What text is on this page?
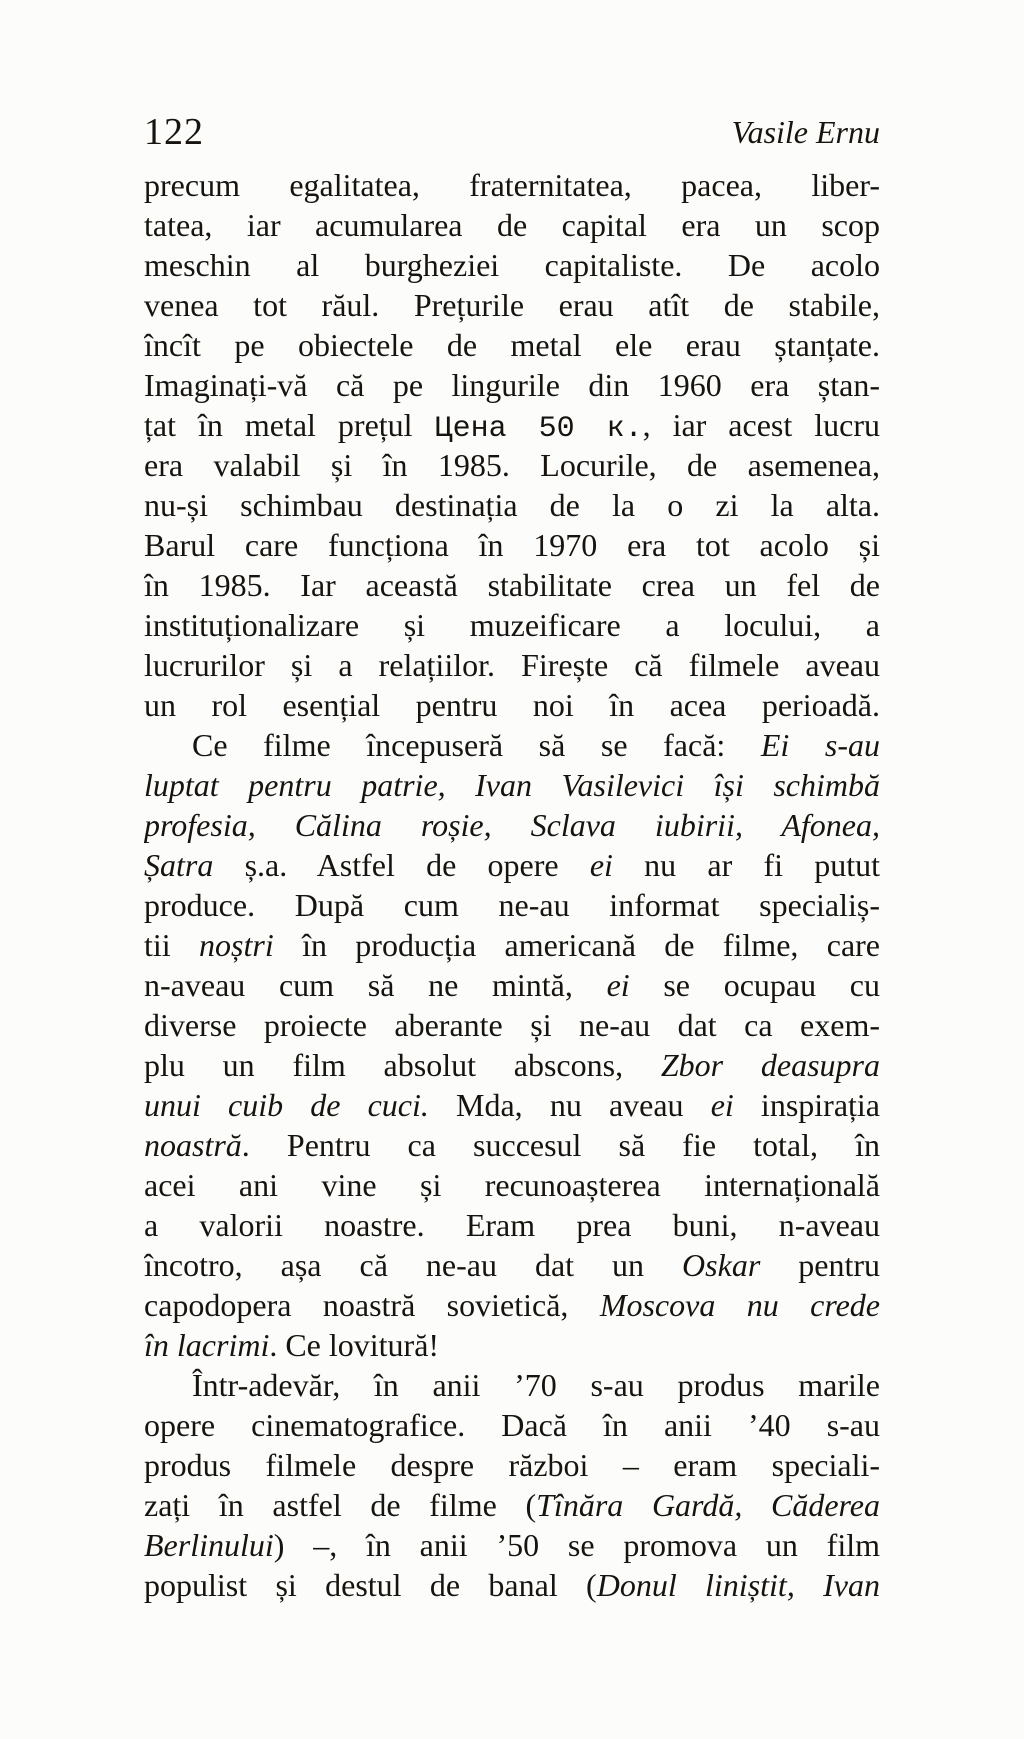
122	Vasile Ernu
precum egalitatea, fraternitatea, pacea, liber-
tatea, iar acumularea de capital era un scop
meschin al burgheziei capitaliste. De acolo
venea tot răul. Prețurile erau atît de stabile,
încît pe obiectele de metal ele erau ștanțate.
Imaginați-vă că pe lingurile din 1960 era ștan-
țat în metal prețul Цена 50 к., iar acest lucru
era valabil și în 1985. Locurile, de asemenea,
nu-și schimbau destinația de la o zi la alta.
Barul care funcționa în 1970 era tot acolo și
în 1985. Iar această stabilitate crea un fel de
instituționalizare și muzeificare a locului, a
lucrurilor și a relațiilor. Firește că filmele aveau
un rol esențial pentru noi în acea perioadă.
Ce filme începuseră să se facă: Ei s-au
luptat pentru patrie, Ivan Vasilevici își schimbă
profesia, Călina roșie, Sclava iubirii, Afonea,
Șatra ș.a. Astfel de opere ei nu ar fi putut
produce. După cum ne-au informat specialiș-
tii noștri în producția americană de filme, care
n-aveau cum să ne mintă, ei se ocupau cu
diverse proiecte aberante și ne-au dat ca exem-
plu un film absolut abscons, Zbor deasupra
unui cuib de cuci. Mda, nu aveau ei inspirația
noastră. Pentru ca succesul să fie total, în
acei ani vine și recunoașterea internațională
a valorii noastre. Eram prea buni, n-aveau
încotro, așa că ne-au dat un Oskar pentru
capodopera noastră sovietică, Moscova nu crede
în lacrimi. Ce lovitură!
Într-adevăr, în anii ’70 s-au produs marile
opere cinematografice. Dacă în anii ’40 s-au
produs filmele despre război – eram speciali-
zați în astfel de filme (Tînăra Gardă, Căderea
Berlinului) –, în anii ’50 se promova un film
populist și destul de banal (Donul liniștit, Ivan
